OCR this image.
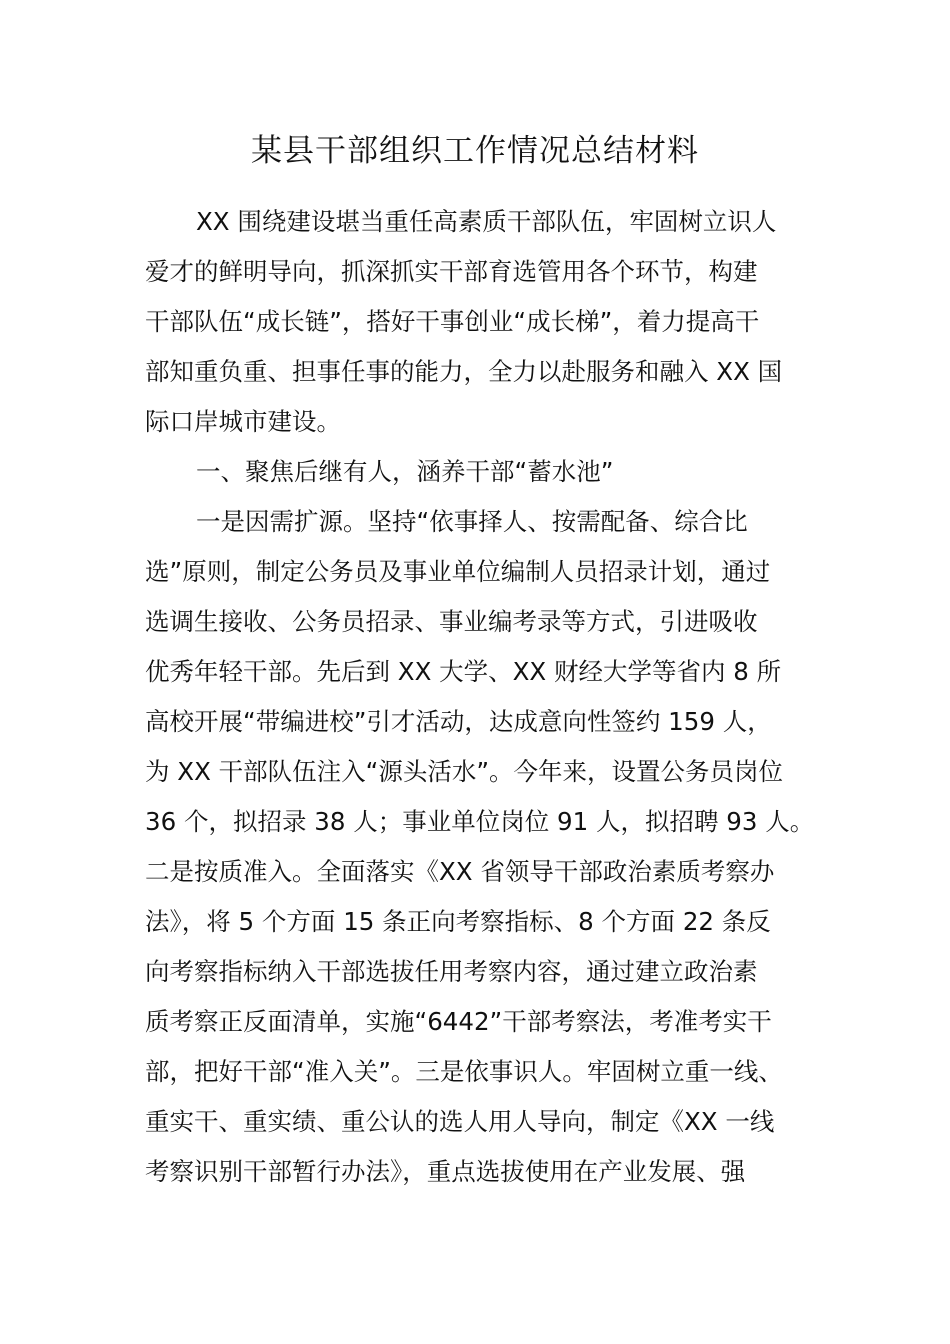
某县干部组织工作情况总结材料
XX 围绕建设堪当重任高素质干部队伍，牢固树立识人
爱才的鲜明导向，抓深抓实干部育选管用各个环节，构建
干部队伍“成长链”，搭好干事创业“成长梯”，着力提高干
部知重负重、担事任事的能力，全力以赴服务和融入 XX 国
际口岸城市建设。
一、聚焦后继有人，涵养干部“蓄水池”
一是因需扩源。坚持“依事择人、按需配备、综合比
选”原则，制定公务员及事业单位编制人员招录计划，通过
选调生接收、公务员招录、事业编考录等方式，引进吸收
优秀年轻干部。先后到 XX 大学、XX 财经大学等省内 8 所
高校开展“带编进校”引才活动，达成意向性签约 159 人，
为 XX 干部队伍注入“源头活水”。今年来，设置公务员岗位
36 个，拟招录 38 人；事业单位岗位 91 人，拟招聘 93 人。
二是按质准入。全面落实《XX 省领导干部政治素质考察办
法》，将 5 个方面 15 条正向考察指标、8 个方面 22 条反
向考察指标纳入干部选拔任用考察内容，通过建立政治素
质考察正反面清单，实施“6442”干部考察法，考准考实干
部，把好干部“准入关”。三是依事识人。牢固树立重一线、
重实干、重实绩、重公认的选人用人导向，制定《XX 一线
考察识别干部暂行办法》，重点选拔使用在产业发展、强
